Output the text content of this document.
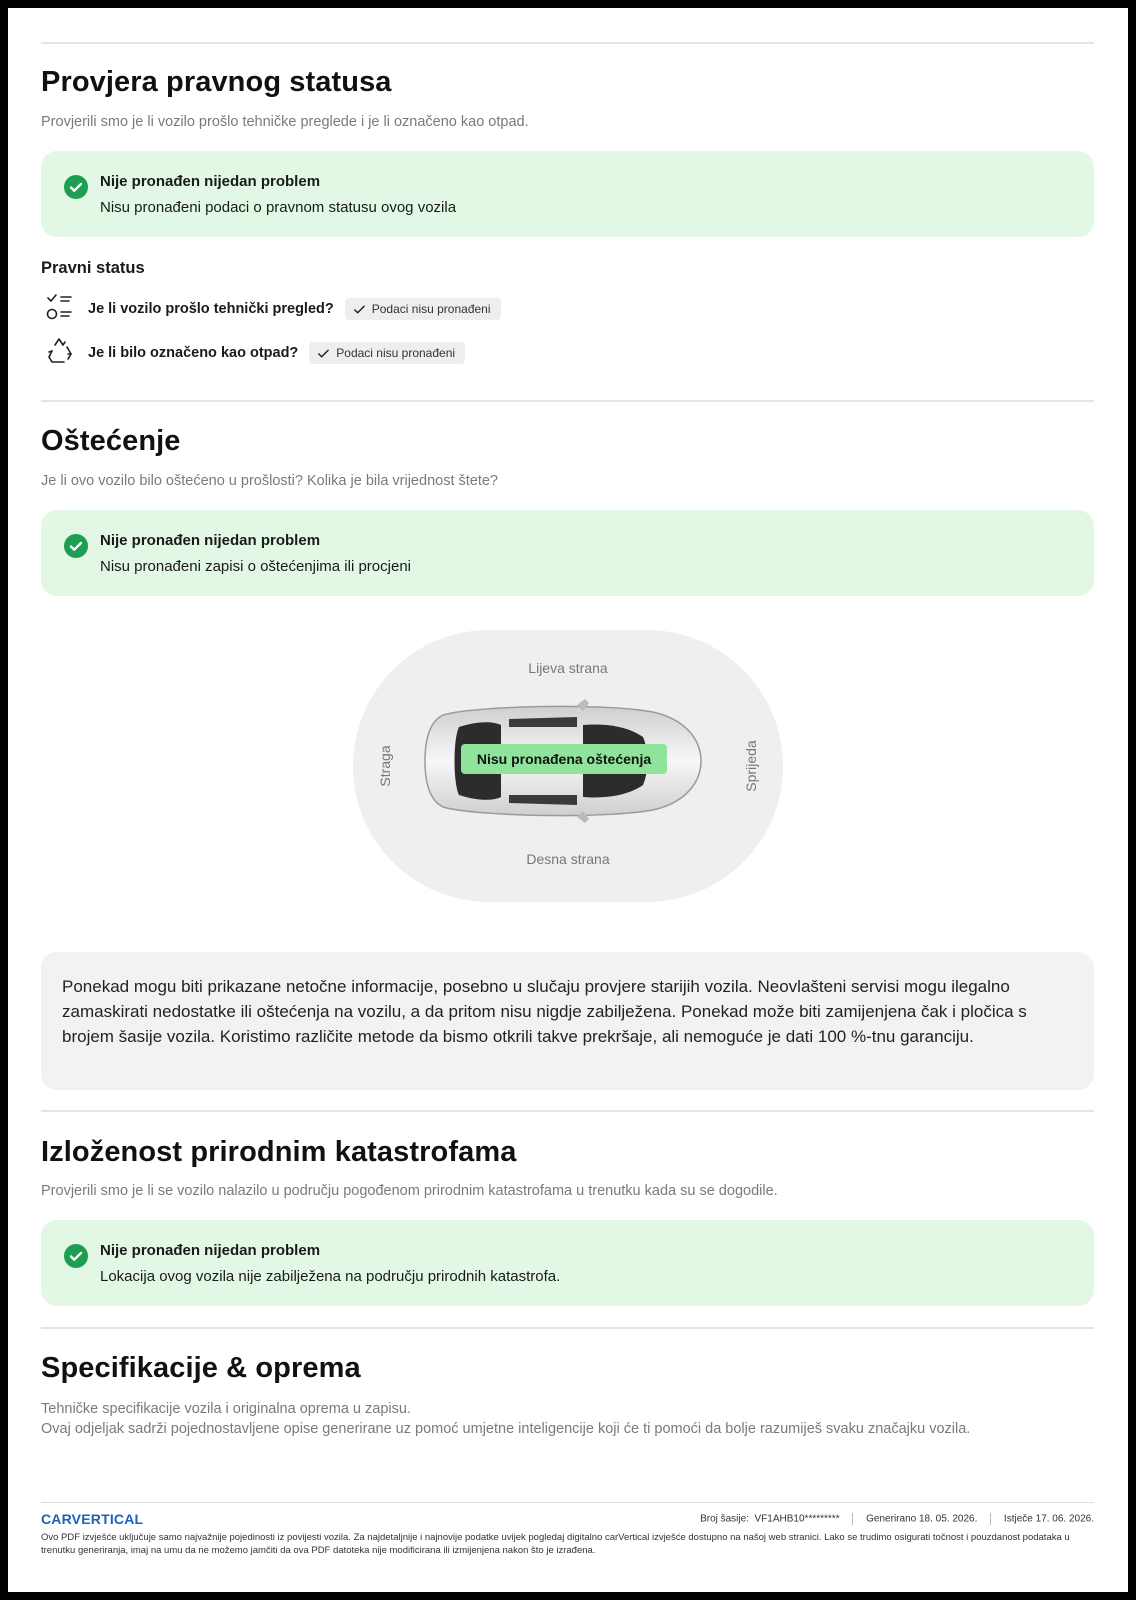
Provjera pravnog statusa
Provjerili smo je li vozilo prošlo tehničke preglede i je li označeno kao otpad.
Nije pronađen nijedan problem
Nisu pronađeni podaci o pravnom statusu ovog vozila
Pravni status
Je li vozilo prošlo tehnički pregled?	Podaci nisu pronađeni
Je li bilo označeno kao otpad?	Podaci nisu pronađeni
Oštećenje
Je li ovo vozilo bilo oštećeno u prošlosti? Kolika je bila vrijednost štete?
Nije pronađen nijedan problem
Nisu pronađeni zapisi o oštećenjima ili procjeni
Lijeva strana
Desna strana
Straga	Sprijeda
Nisu pronađena oštećenja

Ponekad mogu biti prikazane netočne informacije, posebno u slučaju provjere starijih vozila. Neovlašteni servisi mogu ilegalno zamaskirati nedostatke ili oštećenja na vozilu, a da pritom nisu nigdje zabilježena. Ponekad može biti zamijenjena čak i pločica s brojem šasije vozila. Koristimo različite metode da bismo otkrili takve prekršaje, ali nemoguće je dati 100 %-tnu garanciju.

Izloženost prirodnim katastrofama
Provjerili smo je li se vozilo nalazilo u području pogođenom prirodnim katastrofama u trenutku kada su se dogodile.
Nije pronađen nijedan problem
Lokacija ovog vozila nije zabilježena na području prirodnih katastrofa.
Specifikacije & oprema
Tehničke specifikacije vozila i originalna oprema u zapisu.
Ovaj odjeljak sadrži pojednostavljene opise generirane uz pomoć umjetne inteligencije koji će ti pomoći da bolje razumiješ svaku značajku vozila.
CARVERTICAL	Broj šasije: VF1AHB10*********	Generirano 18. 05. 2026.	Istječe 17. 06. 2026.
Ovo PDF izvješće uključuje samo najvažnije pojedinosti iz povijesti vozila. Za najdetaljnije i najnovije podatke uvijek pogledaj digitalno carVertical izvješće dostupno na našoj web stranici. Lako se trudimo osigurati točnost i pouzdanost podataka u trenutku generiranja, imaj na umu da ne možemo jamčiti da ova PDF datoteka nije modificirana ili izmijenjena nakon što je izrađena.
